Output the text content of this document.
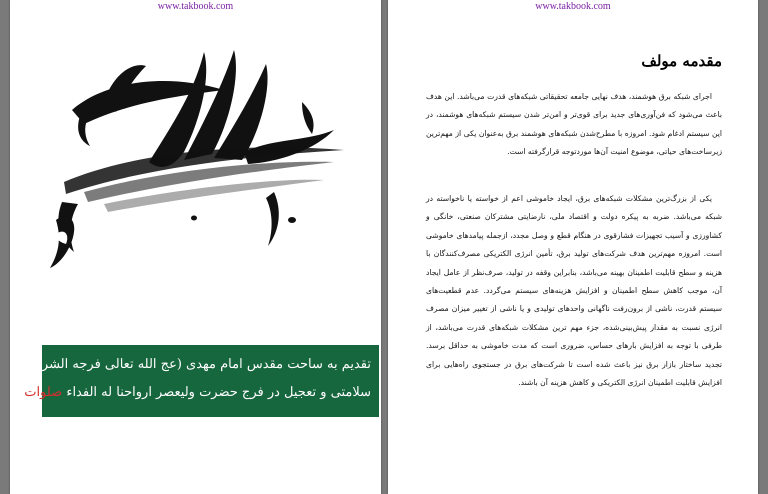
www.takbook.com
تقدیم به ساحت مقدس امام مهدی (عج الله تعالی فرجه الشریف)
سلامتی و تعجیل در فرج حضرت ولیعصر ارواحنا له الفداء صلوات
www.takbook.com
مقدمه مولف
اجرای شبکه برق هوشمند، هدف نهایی جامعه تحقیقاتی شبکه‌های قدرت می‌باشد. این هدف باعث می‌شود که فن‌آوری‌های جدید برای قوی‌تر و امن‌تر شدن سیستم شبکه‌های هوشمند، در این سیستم ادغام شود. امروزه با مطرح‌شدن شبکه‌های هوشمند برق به‌عنوان یکی از مهم‌ترین زیرساخت‌های حیاتی، موضوع امنیت آن‌ها موردتوجه قرارگرفته است.
یکی از بزرگ‌ترین مشکلات شبکه‌های برق، ایجاد خاموشی اعم از خواسته یا ناخواسته در شبکه می‌باشد. ضربه به پیکره دولت و اقتصاد ملی، نارضایتی مشترکان صنعتی، خانگی و کشاورزی و آسیب تجهیزات فشارقوی در هنگام قطع و وصل مجدد، ازجمله پیامدهای خاموشی است. امروزه مهم‌ترین هدف شرکت‌های تولید برق، تأمین انرژی الکتریکی مصرف‌کنندگان با هزینه و سطح قابلیت اطمینان بهینه می‌باشد، بنابراین وقفه در تولید، صرف‌نظر از عامل ایجاد آن، موجب کاهش سطح اطمینان و افزایش هزینه‌های سیستم می‌گردد. عدم قطعیت‌های سیستم قدرت، ناشی از برون‌رفت ناگهانی واحدهای تولیدی و یا ناشی از تغییر میزان مصرف انرژی نسبت به مقدار پیش‌بینی‌شده، جزء مهم ترین مشکلات شبکه‌های قدرت می‌باشد، از طرفی با توجه به افزایش بارهای حساس، ضروری است که مدت خاموشی به حداقل برسد. تجدید ساختار بازار برق نیز باعث شده است تا شرکت‌های برق در جستجوی راه‌هایی برای افزایش قابلیت اطمینان انرژی الکتریکی و کاهش هزینه آن باشند.
